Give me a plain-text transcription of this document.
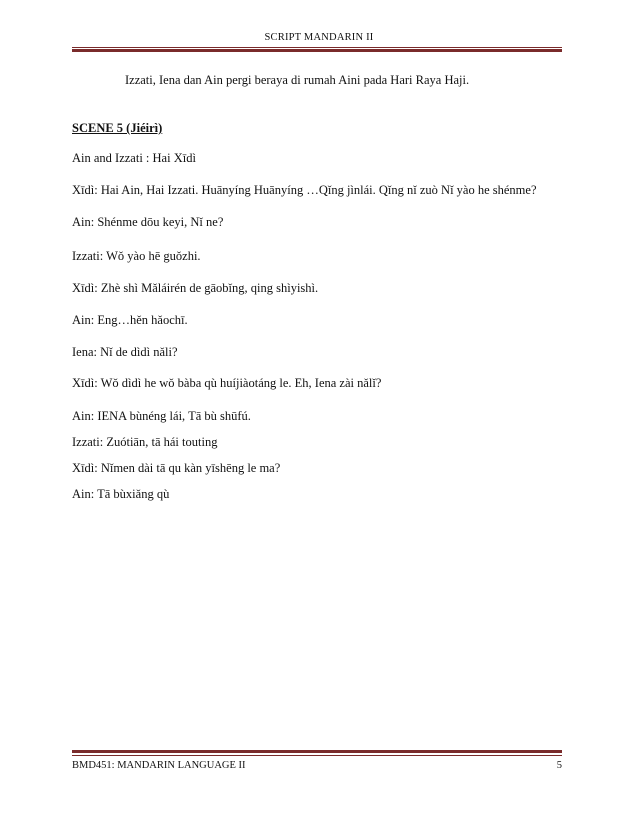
SCRIPT MANDARIN II
Izzati, Iena dan Ain pergi beraya di rumah Aini pada Hari Raya Haji.
SCENE 5 (Jiéirì)
Ain and Izzati : Hai Xīdì
Xīdì: Hai Ain, Hai Izzati. Huānyíng Huānyíng …Qǐng jìnlái. Qǐng nǐ zuò Nǐ yào he shénme?
Ain: Shénme dōu keyi, Nǐ ne?
Izzati: Wǒ yào hē guǒzhi.
Xīdì: Zhè shì Mǎláirén de gāobǐng, qing shìyishì.
Ain: Eng…hěn hǎochī.
Iena: Nǐ de dìdì nǎli?
Xīdì: Wǒ dìdì he wǒ bàba qù huíjiàotáng le. Eh, Iena zài nǎlǐ?
Ain: IENA bùnéng lái, Tā bù shūfú.
Izzati: Zuótiān, tā hái touting
Xīdì: Nǐmen dài tā qu kàn yīshēng le ma?
Ain: Tā bùxiǎng qù
BMD451: MANDARIN LANGUAGE II	5
